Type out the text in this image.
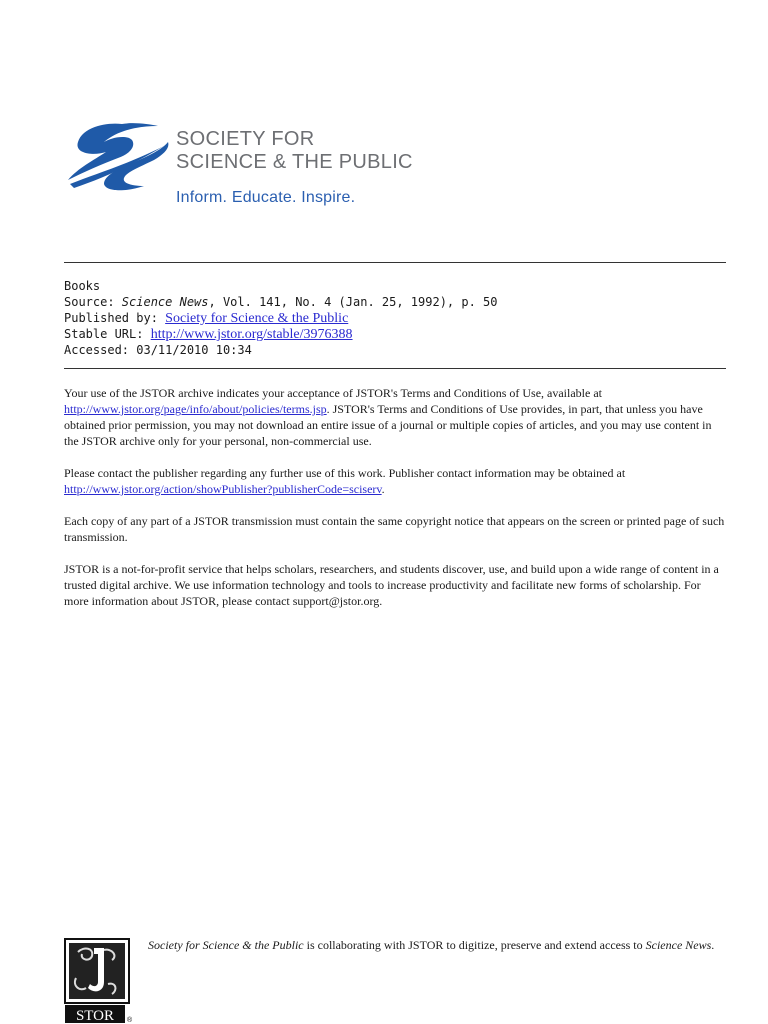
SOCIETY FOR
SCIENCE & THE PUBLIC
Inform. Educate. Inspire.
Books
Source: Science News, Vol. 141, No. 4 (Jan. 25, 1992), p. 50
Published by: Society for Science & the Public
Stable URL: http://www.jstor.org/stable/3976388
Accessed: 03/11/2010 10:34

Your use of the JSTOR archive indicates your acceptance of JSTOR's Terms and Conditions of Use, available at http://www.jstor.org/page/info/about/policies/terms.jsp. JSTOR's Terms and Conditions of Use provides, in part, that unless you have obtained prior permission, you may not download an entire issue of a journal or multiple copies of articles, and you may use content in the JSTOR archive only for your personal, non-commercial use.

Please contact the publisher regarding any further use of this work. Publisher contact information may be obtained at http://www.jstor.org/action/showPublisher?publisherCode=sciserv.

Each copy of any part of a JSTOR transmission must contain the same copyright notice that appears on the screen or printed page of such transmission.

JSTOR is a not-for-profit service that helps scholars, researchers, and students discover, use, and build upon a wide range of content in a trusted digital archive. We use information technology and tools to increase productivity and facilitate new forms of scholarship. For more information about JSTOR, please contact support@jstor.org.

STOR ®
Society for Science & the Public is collaborating with JSTOR to digitize, preserve and extend access to Science News.
